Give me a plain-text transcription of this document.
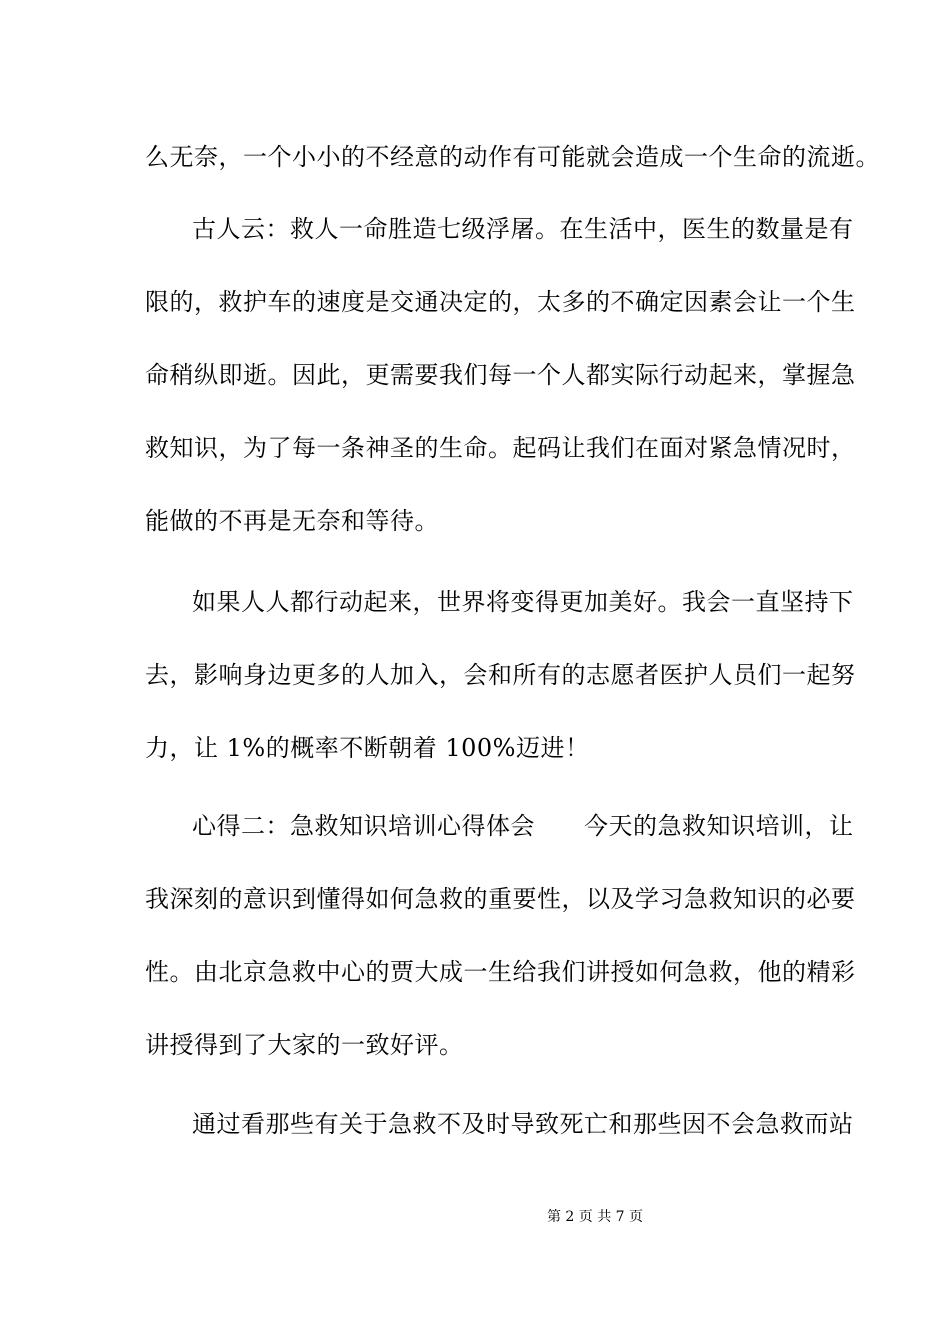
么无奈，一个小小的不经意的动作有可能就会造成一个生命的流逝。
古人云：救人一命胜造七级浮屠。在生活中，医生的数量是有
限的，救护车的速度是交通决定的，太多的不确定因素会让一个生
命稍纵即逝。因此，更需要我们每一个人都实际行动起来，掌握急
救知识，为了每一条神圣的生命。起码让我们在面对紧急情况时，
能做的不再是无奈和等待。
如果人人都行动起来，世界将变得更加美好。我会一直坚持下
去，影响身边更多的人加入，会和所有的志愿者医护人员们一起努
力，让 1%的概率不断朝着 100%迈进！
心得二：急救知识培训心得体会　　今天的急救知识培训，让
我深刻的意识到懂得如何急救的重要性，以及学习急救知识的必要
性。由北京急救中心的贾大成一生给我们讲授如何急救，他的精彩
讲授得到了大家的一致好评。
通过看那些有关于急救不及时导致死亡和那些因不会急救而站
第 2 页 共 7 页
